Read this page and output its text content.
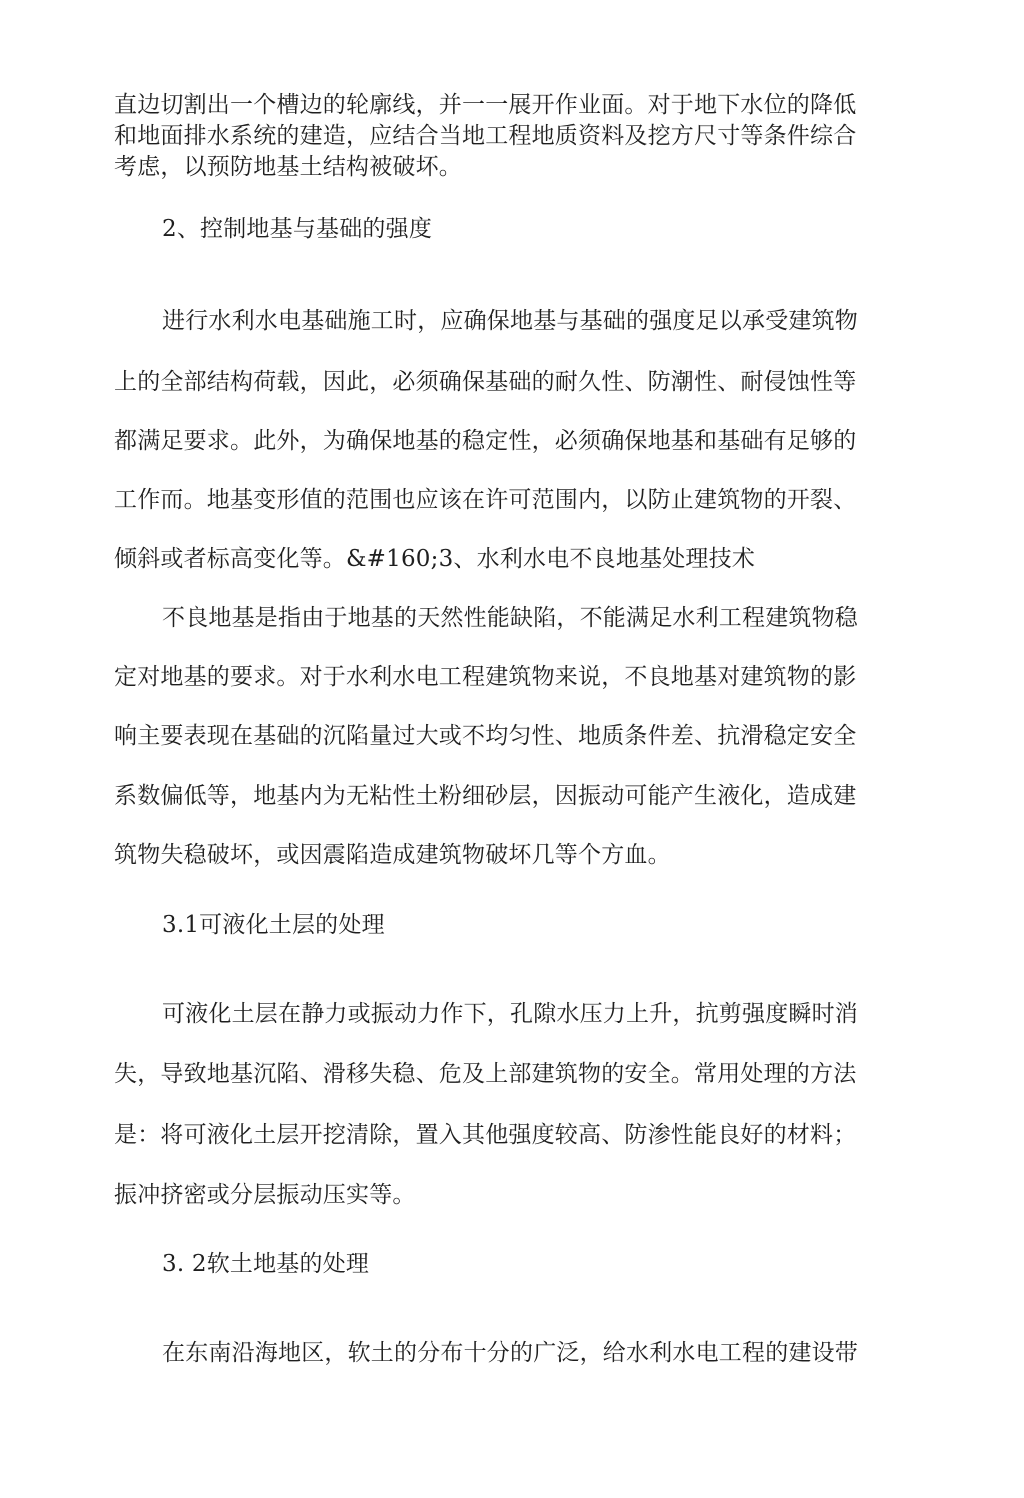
直边切割出一个槽边的轮廓线，并一一展开作业面。对于地下水位的降低
和地面排水系统的建造，应结合当地工程地质资料及挖方尺寸等条件综合
考虑，以预防地基土结构被破坏。
2、控制地基与基础的强度
进行水利水电基础施工时，应确保地基与基础的强度足以承受建筑物
上的全部结构荷载，因此，必须确保基础的耐久性、防潮性、耐侵蚀性等
都满足要求。此外，为确保地基的稳定性，必须确保地基和基础有足够的
工作而。地基变形值的范围也应该在许可范围内，以防止建筑物的开裂、
倾斜或者标高变化等。&#160;3、水利水电不良地基处理技术
不良地基是指由于地基的天然性能缺陷，不能满足水利工程建筑物稳
定对地基的要求。对于水利水电工程建筑物来说，不良地基对建筑物的影
响主要表现在基础的沉陷量过大或不均匀性、地质条件差、抗滑稳定安全
系数偏低等，地基内为无粘性土粉细砂层，因振动可能产生液化，造成建
筑物失稳破坏，或因震陷造成建筑物破坏几等个方血。
3.1可液化土层的处理
可液化土层在静力或振动力作下，孔隙水压力上升，抗剪强度瞬时消
失，导致地基沉陷、滑移失稳、危及上部建筑物的安全。常用处理的方法
是：将可液化土层开挖清除，置入其他强度较高、防渗性能良好的材料；
振冲挤密或分层振动压实等。
3. 2软土地基的处理
在东南沿海地区，软土的分布十分的广泛，给水利水电工程的建设带
